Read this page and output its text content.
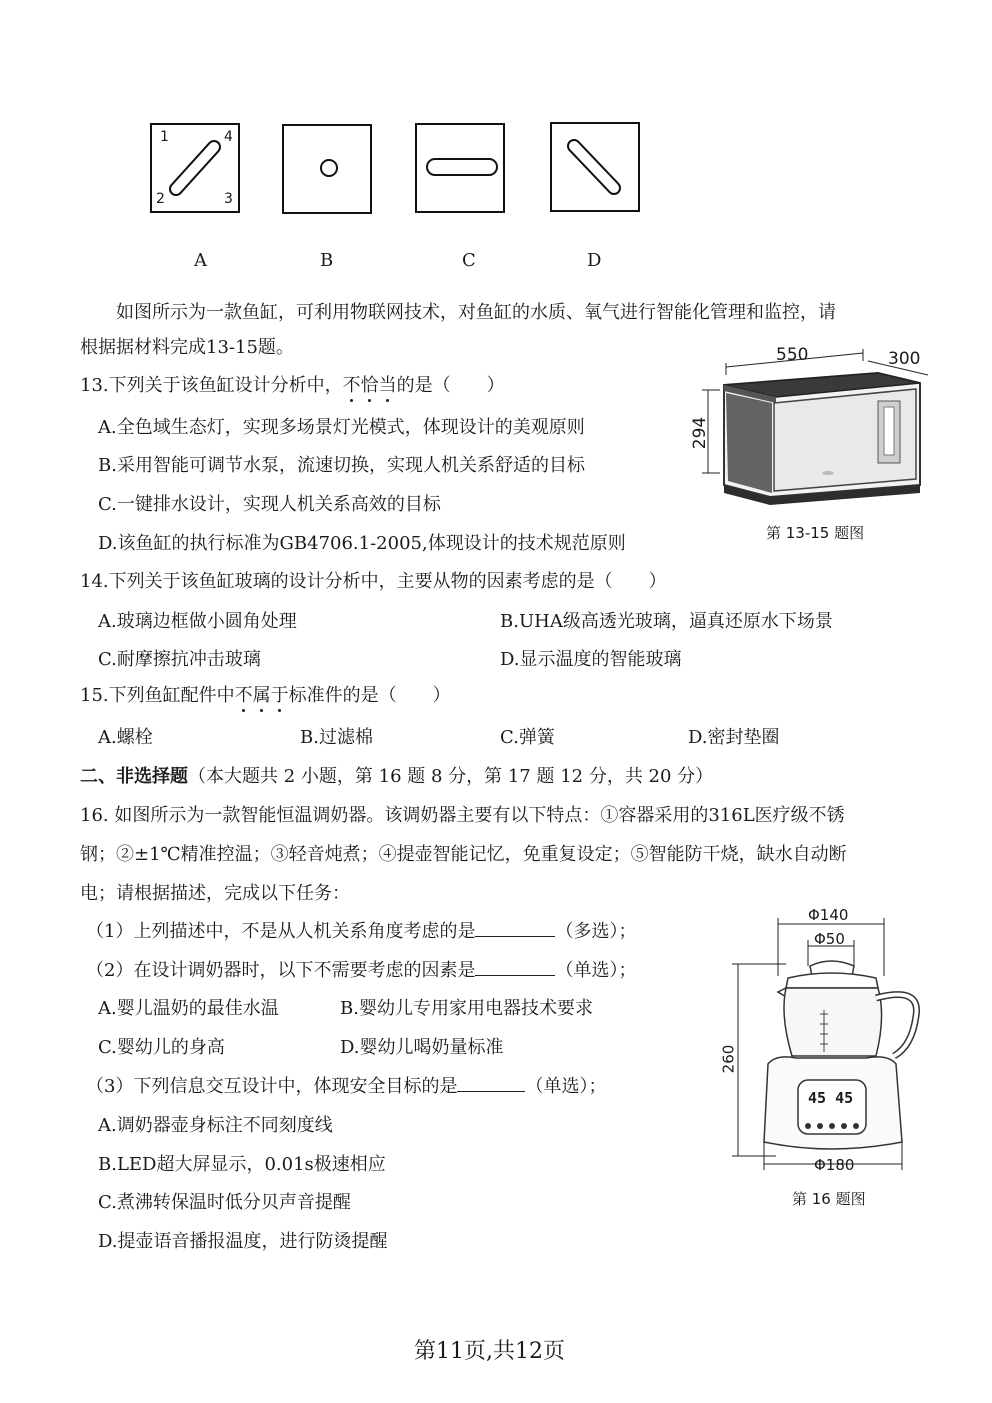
1	4
2	3
A	B	C	D
如图所示为一款鱼缸，可利用物联网技术，对鱼缸的水质、氧气进行智能化管理和监控，请
根据据材料完成13-15题。
13.下列关于该鱼缸设计分析中，不恰当的是（　　）
A.全色域生态灯，实现多场景灯光模式，体现设计的美观原则
B.采用智能可调节水泵，流速切换，实现人机关系舒适的目标
C.一键排水设计，实现人机关系高效的目标
D.该鱼缸的执行标准为GB4706.1-2005,体现设计的技术规范原则
550	300
294
第 13-15 题图
14.下列关于该鱼缸玻璃的设计分析中，主要从物的因素考虑的是（　　）
A.玻璃边框做小圆角处理	B.UHA级高透光玻璃，逼真还原水下场景
C.耐摩擦抗冲击玻璃	D.显示温度的智能玻璃
15.下列鱼缸配件中不属于标准件的是（　　）
A.螺栓	B.过滤棉	C.弹簧	D.密封垫圈
二、非选择题（本大题共 2 小题，第 16 题 8 分，第 17 题 12 分，共 20 分）
16. 如图所示为一款智能恒温调奶器。该调奶器主要有以下特点：①容器采用的316L医疗级不锈
钢；②±1℃精准控温；③轻音炖煮；④提壶智能记忆，免重复设定；⑤智能防干烧，缺水自动断
电；请根据描述，完成以下任务：
（1）上列描述中，不是从人机关系角度考虑的是	（多选）；
（2）在设计调奶器时，以下不需要考虑的因素是	（单选）；
A.婴儿温奶的最佳水温	B.婴幼儿专用家用电器技术要求
C.婴幼儿的身高	D.婴幼儿喝奶量标准
（3）下列信息交互设计中，体现安全目标的是	（单选）；
A.调奶器壶身标注不同刻度线
B.LED超大屏显示，0.01s极速相应
C.煮沸转保温时低分贝声音提醒
D.提壶语音播报温度，进行防烫提醒
45 45
Φ140
Φ50
260
Φ180
第 16 题图
第11页,共12页
